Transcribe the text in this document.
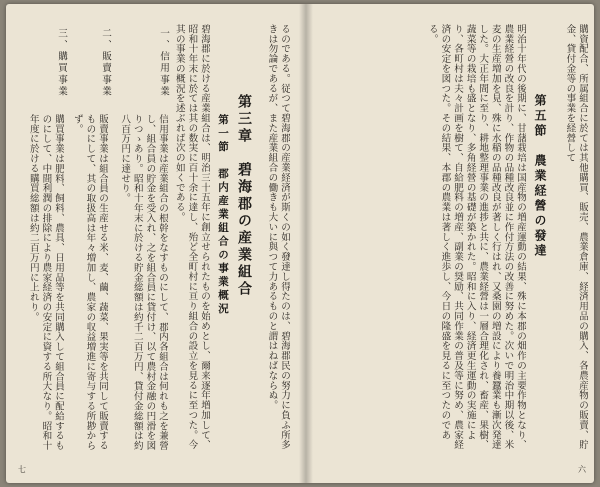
購資配合、所属組合に於ては其他購買、販売、農業倉庫、経済用品の購入、各農産物の販賣、貯金、貸付金等の事業を経營して
第五節　農業経營の發達
明治十年代の後期に、甘藷栽培は国産物の増産運動の結果、殊に本郡の畑作の主要作物となり、農業経營の改良を計り、作物の品種改良並に作付方法の改善に努めた。次いで明治中期以後、米麦の生産増加を見、殊に水稲の品種改良が著しく行はれ、又桑園の増設により養蠶業も漸次発達した。大正年間に至り、耕地整理事業の進捗と共に、農業経營は一層合理化され、畜産、果樹、蔬菜等の栽培も盛となり、多角経營の基礎が築かれた。昭和に入り、経済更生運動の実施により、各町村は夫々計画を樹て、自給肥料の増産、副業の奨励、共同作業の普及等に努め、農家経済の安定を図つた。その結果、本郡の農業は著しく進歩し、今日の隆盛を見るに至つたのである。
六
るのである。従つて碧海郡の産業経済が斯くの如く發達し得たのは、碧海郡民の努力に負ふ所多きは勿論であるが、また産業組合の働きも大いに與つて力あるものと謂はねばならぬ。
第三章　碧海郡の産業組合
第一節　郡内産業組合の事業概況
碧海郡に於ける産業組合は、明治三十五年に創立せられたものを始めとし、爾来逐年増加して、昭和十年末に於ては其の数実に百十余に達し、殆ど全町村に亘り組合の設立を見るに至つた。今其の事業の概況を述ぶれば次の如くである。
一、信用事業
信用事業は産業組合の根幹をなすものにして、郡内各組合は何れも之を兼營し、組合員の貯金を受入れ、之を組合員に貸付け、以て農村金融の円滑を図りつゝあり。昭和十年末に於ける貯金総額は約千二百万円、貸付金総額は約八百万円に達せり。
二、販賣事業
販賣事業は組合員の生産せる米、麦、繭、蔬菜、果実等を共同して販賣するものにして、其の取扱高は年々増加し、農家の収益増進に寄与する所尠からず。
三、購買事業
購買事業は肥料、飼料、農具、日用品等を共同購入して組合員に配給するものにして、中間利潤の排除により農家経済の安定に資する所大なり。昭和十年度に於ける購買総額は約二百万円に上れり。
七
